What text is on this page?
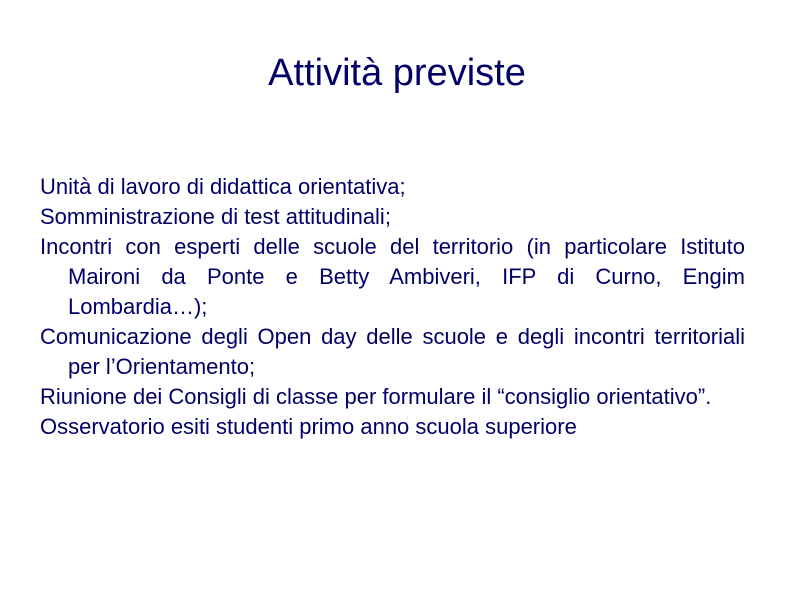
Attività previste
Unità di lavoro di didattica orientativa;
Somministrazione di test attitudinali;
Incontri con esperti delle scuole del territorio (in particolare Istituto Maironi da Ponte e Betty Ambiveri, IFP di Curno, Engim Lombardia…);
Comunicazione degli Open day delle scuole e degli incontri territoriali per l’Orientamento;
Riunione dei Consigli di classe per formulare il “consiglio orientativo”.
Osservatorio esiti studenti primo anno scuola superiore
